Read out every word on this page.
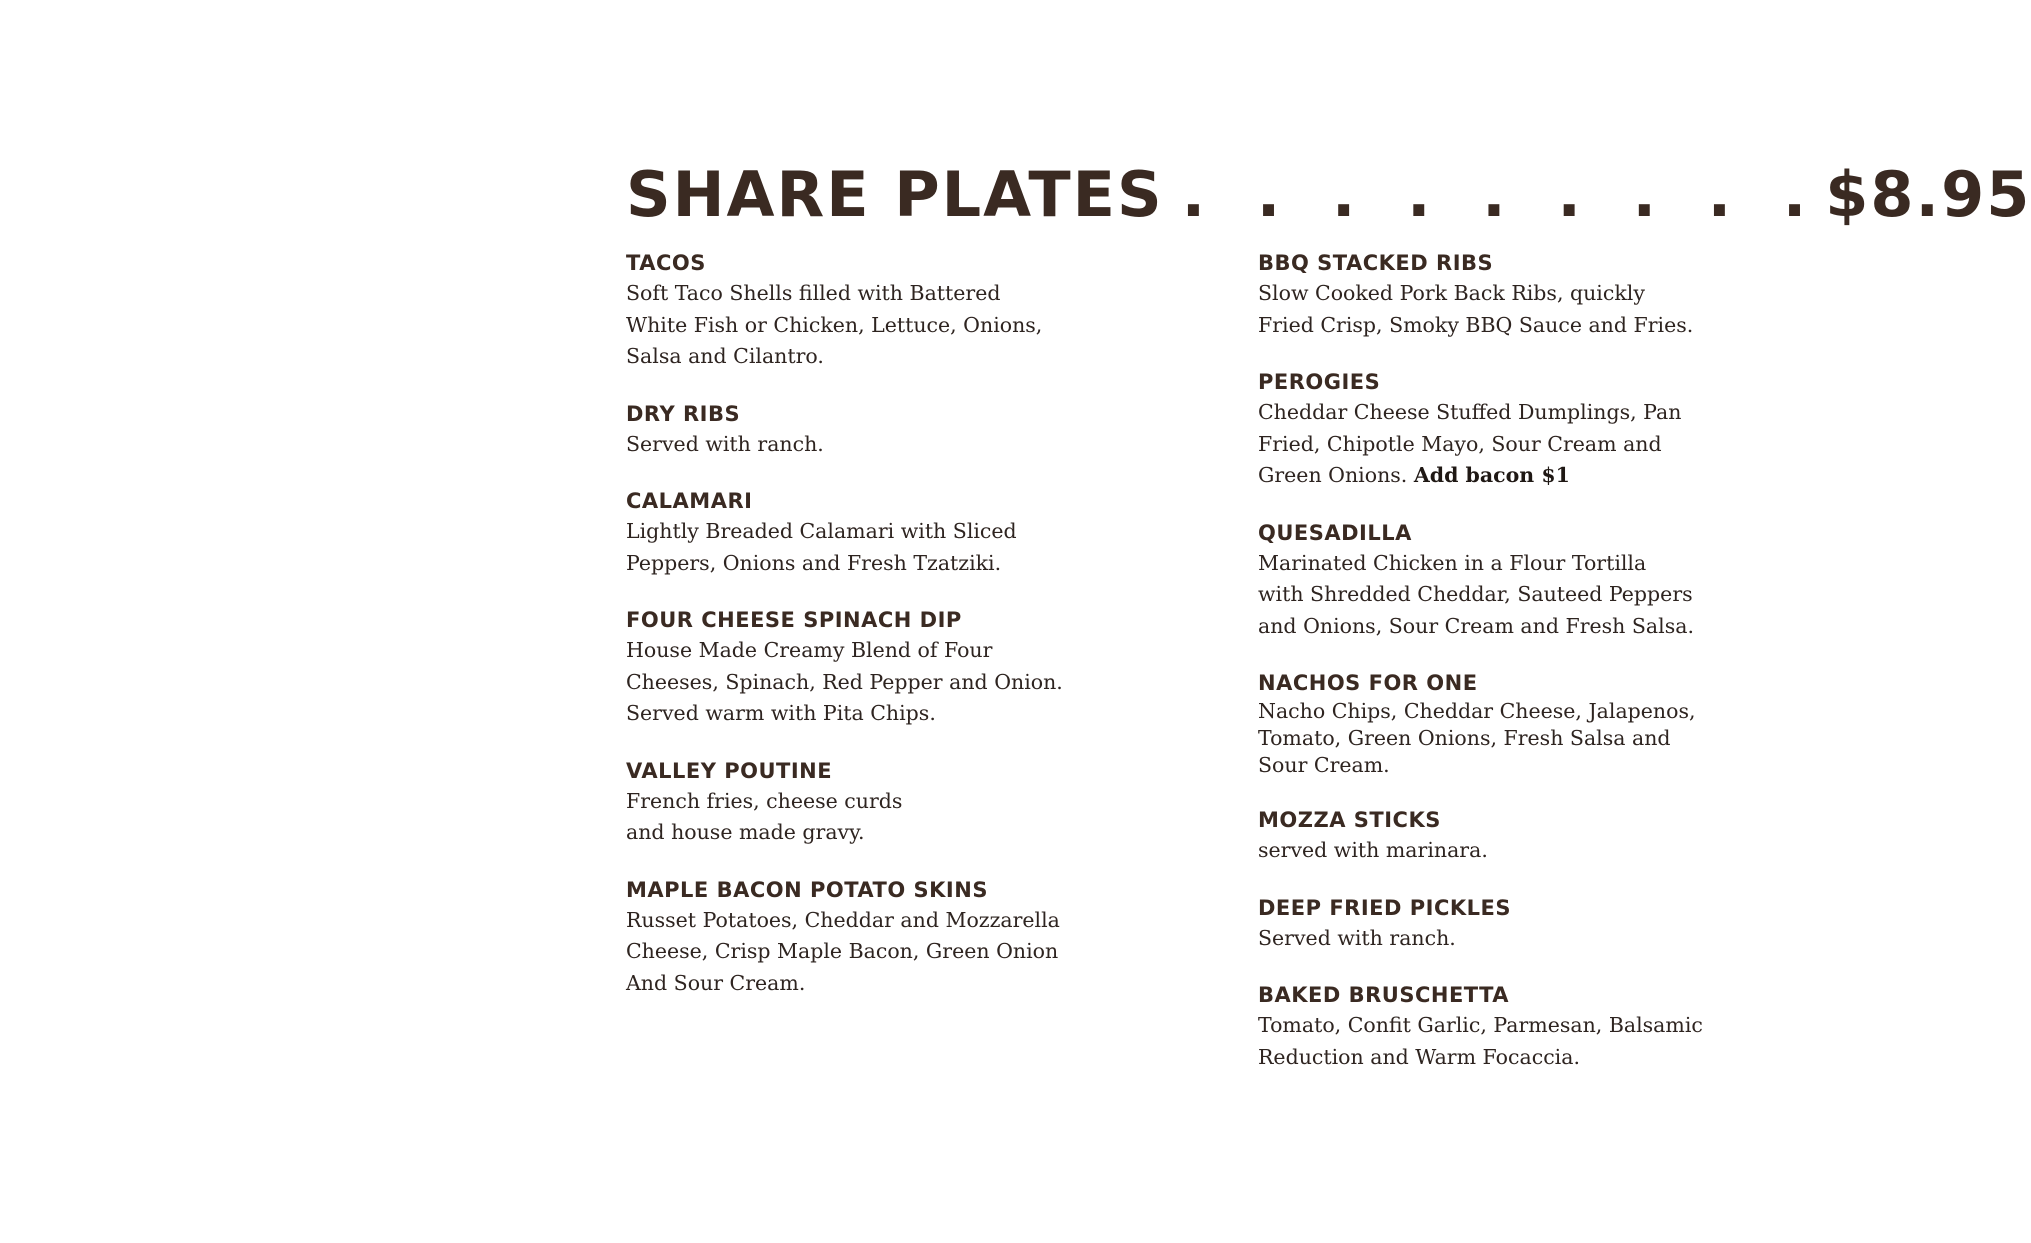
SHARE PLATES . . . . . . . . .$8.95
TACOS

Soft Taco Shells filled with Battered
White Fish or Chicken, Lettuce, Onions,
Salsa and Cilantro.

DRY RIBS

Served with ranch.

CALAMARI

Lightly Breaded Calamari with Sliced
Peppers, Onions and Fresh Tzatziki.

FOUR CHEESE SPINACH DIP

House Made Creamy Blend of Four
Cheeses, Spinach, Red Pepper and Onion.
Served warm with Pita Chips.

VALLEY POUTINE

French fries, cheese curds
and house made gravy.

MAPLE BACON POTATO SKINS

Russet Potatoes, Cheddar and Mozzarella
Cheese, Crisp Maple Bacon, Green Onion
And Sour Cream.

BBQ STACKED RIBS

Slow Cooked Pork Back Ribs, quickly
Fried Crisp, Smoky BBQ Sauce and Fries.

PEROGIES

Cheddar Cheese Stuffed Dumplings, Pan
Fried, Chipotle Mayo, Sour Cream and
Green Onions. Add bacon $1

QUESADILLA

Marinated Chicken in a Flour Tortilla
with Shredded Cheddar, Sauteed Peppers
and Onions, Sour Cream and Fresh Salsa.

NACHOS FOR ONE

Nacho Chips, Cheddar Cheese, Jalapenos,
Tomato, Green Onions, Fresh Salsa and
Sour Cream.

MOZZA STICKS

served with marinara.

DEEP FRIED PICKLES

Served with ranch.

BAKED BRUSCHETTA

Tomato, Confit Garlic, Parmesan, Balsamic
Reduction and Warm Focaccia.
